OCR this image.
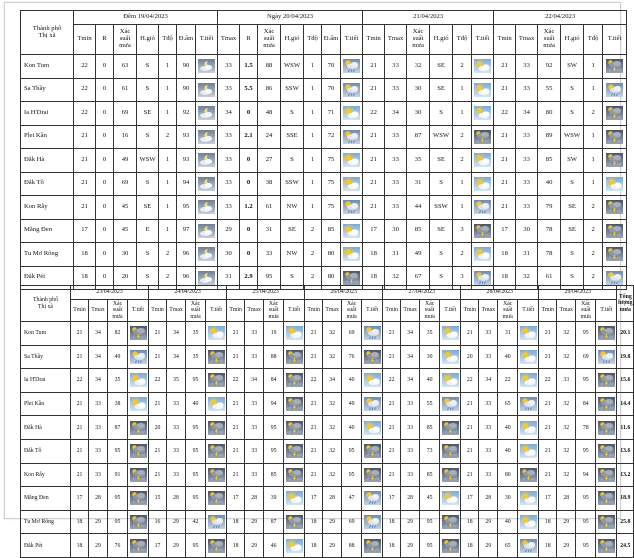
Thành phố
Thị xã	Đêm 19/04/2023							Ngày 20/04/2023							21/04/2023						22/04/2023					
	Tmin	R	Xác suất mưa	H.gió	Tđộ	Đ.ẩm	T.tiết	Tmax	R	Xác suất mưa	H.gió	Tđộ	Đ.ẩm	T.tiết	Tmin	Tmax	Xác suất mưa	H.gió	Tđộ	T.tiết	Tmin	Tmax	Xác suất mưa	H.gió	Tđộ	T.tiết
Kon Tum	22	0	63	S	1	90		33	1.5	88	WSW	1	70		21	33	32	SE	2		21	33	92	SW	1	

Sa Thầy	22	0	61	S	1	90		33	5.5	86	SSW	1	70		21	33	30	SE	1		21	33	55	S	1	

Ia H'Drai	22	0	69	SE	1	92		34	0	48	S	1	71		22	34	30	S	1		22	34	80	S	2	

Plei Kần	21	0	16	S	2	93		33	2.1	24	SSE	1	72		21	33	87	WSW	2		21	33	89	WSW	1	

Đăk Hà	21	0	49	WSW	1	93		33	0	27	S	1	75		21	33	35	SE	2		21	33	85	SW	1	

Đăk Tô	21	0	69	S	1	94		33	0	38	SSW	1	75		21	33	31	S	1		21	33	40	S	1	

Kon Rẫy	21	0	45	SE	1	95		33	1.2	61	NW	1	75		21	33	44	SSW	1		21	33	79	SE	2	

Măng Đen	17	0	45	E	1	97		29	0	31	SE	2	85		17	30	85	SE	3		17	30	78	SE	2	

Tu Mơ Rông	18	0	30	S	2	96		30	0	33	NW	2	80		18	31	49	S	2		18	31	78	S	2	

Đăk Pét	18	0	20	S	2	96		31	2.9	95	S	2	80		18	32	67	S	3		18	32	61	S	2	
Thành phố
Thị xã	23/04/2023				24/04/2023				25/04/2023				26/04/2023				27/04/2023				28/04/2023				29/04/2023				Tổng lượng mưa
	Tmin	Tmax	Xác suất mưa	T.tiết	Tmin	Tmax	Xác suất mưa	T.tiết	Tmin	Tmax	Xác suất mưa	T.tiết	Tmin	Tmax	Xác suất mưa	T.tiết	Tmin	Tmax	Xác suất mưa	T.tiết	Tmin	Tmax	Xác suất mưa	T.tiết	Tmin	Tmax	Xác suất mưa	T.tiết	
Kon Tum	21	34	82		21	34	35		21	33	19		21	32	69		21	34	35		21	33	31		21	32	95		20.1
Sa Thầy	21	34	49		21	34	35		21	33	88		21	32	76		21	34	30		20	33	40		21	32	69		19.8
Ia H'Drai	22	34	35		22	35	95		22	34	84		22	34	40		22	34	40		22	34	22		22	33	95		15.6
Plei Kần	21	33	38		21	33	40		21	33	94		21	32	49		21	33	55		21	33	65		21	32	84		14.4
Đăk Hà	21	33	87		20	33	95		21	33	95		21	32	40		21	33	85		21	33	40		21	32	78		11.6
Đăk Tô	21	33	95		21	33	95		21	33	95		21	32	95		21	33	73		21	33	40		21	32	95		13.6
Kon Rẫy	21	33	91		21	33	95		21	33	85		21	32	95		21	33	85		21	33	80		21	32	94		13.2
Măng Đen	17	28	95		15	28	95		17	28	39		17	28	47		17	28	45		17	28	30		17	28	95		18.9
Tu Mơ Rông	18	29	95		16	29	42		18	29	87		18	29	69		18	29	95		18	29	40		18	29	95		25.8
Đăk Pét	18	29	76		17	29	95		18	29	46		18	29	88		18	29	95		18	29	65		18	29	95		24.5
